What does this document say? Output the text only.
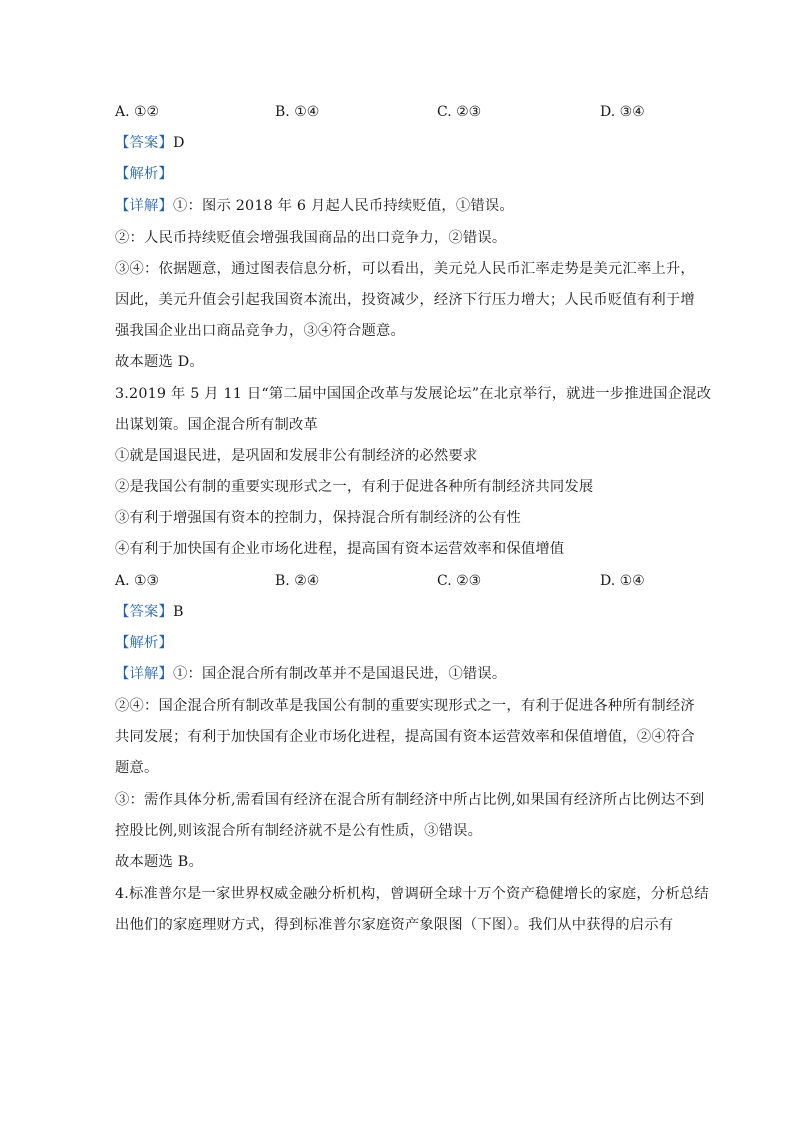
A. ①②	B. ①④	C. ②③	D. ③④
【答案】D
【解析】
【详解】①：图示 2018 年 6 月起人民币持续贬值，①错误。
②：人民币持续贬值会增强我国商品的出口竞争力，②错误。
③④：依据题意，通过图表信息分析，可以看出，美元兑人民币汇率走势是美元汇率上升，
因此，美元升值会引起我国资本流出，投资减少，经济下行压力增大；人民币贬值有利于增
强我国企业出口商品竞争力，③④符合题意。
故本题选 D。
3.2019 年 5 月 11 日“第二届中国国企改革与发展论坛”在北京举行，就进一步推进国企混改
出谋划策。国企混合所有制改革
①就是国退民进，是巩固和发展非公有制经济的必然要求
②是我国公有制的重要实现形式之一，有利于促进各种所有制经济共同发展
③有利于增强国有资本的控制力，保持混合所有制经济的公有性
④有利于加快国有企业市场化进程，提高国有资本运营效率和保值增值
A. ①③	B. ②④	C. ②③	D. ①④
【答案】B
【解析】
【详解】①：国企混合所有制改革并不是国退民进，①错误。
②④：国企混合所有制改革是我国公有制的重要实现形式之一，有利于促进各种所有制经济
共同发展；有利于加快国有企业市场化进程，提高国有资本运营效率和保值增值，②④符合
题意。
③：需作具体分析,需看国有经济在混合所有制经济中所占比例,如果国有经济所占比例达不到
控股比例,则该混合所有制经济就不是公有性质，③错误。
故本题选 B。
4.标准普尔是一家世界权威金融分析机构，曾调研全球十万个资产稳健增长的家庭，分析总结
出他们的家庭理财方式，得到标准普尔家庭资产象限图（下图）。我们从中获得的启示有
